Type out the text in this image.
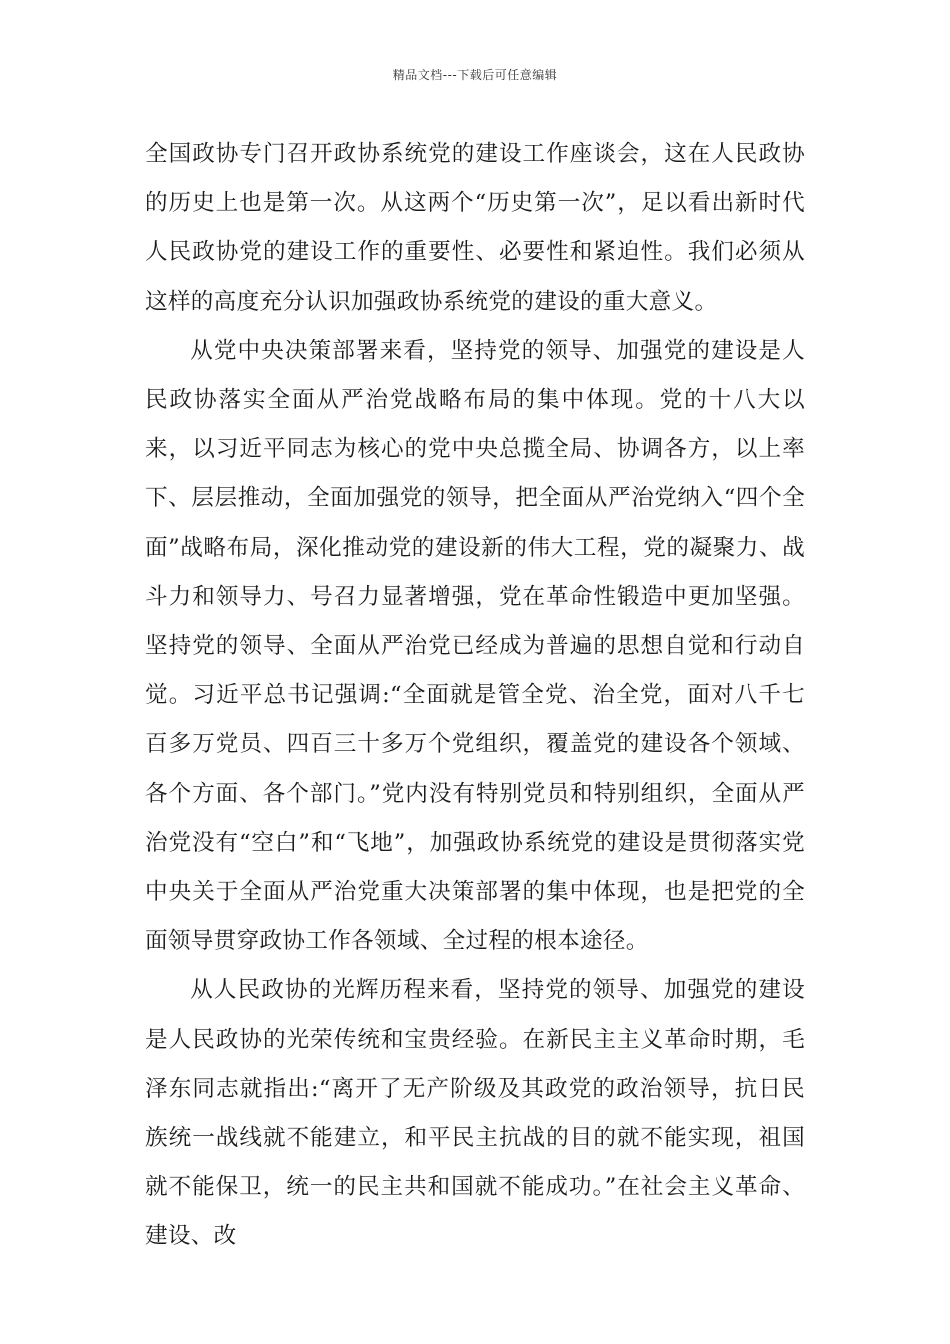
精品文档---下载后可任意编辑

全国政协专门召开政协系统党的建设工作座谈会，这在人民政协的历史上也是第一次。从这两个“历史第一次”，足以看出新时代人民政协党的建设工作的重要性、必要性和紧迫性。我们必须从这样的高度充分认识加强政协系统党的建设的重大意义。

从党中央决策部署来看，坚持党的领导、加强党的建设是人民政协落实全面从严治党战略布局的集中体现。党的十八大以来，以习近平同志为核心的党中央总揽全局、协调各方，以上率下、层层推动，全面加强党的领导，把全面从严治党纳入“四个全面”战略布局，深化推动党的建设新的伟大工程，党的凝聚力、战斗力和领导力、号召力显著增强，党在革命性锻造中更加坚强。坚持党的领导、全面从严治党已经成为普遍的思想自觉和行动自觉。习近平总书记强调:“全面就是管全党、治全党，面对八千七百多万党员、四百三十多万个党组织，覆盖党的建设各个领域、各个方面、各个部门。”党内没有特别党员和特别组织，全面从严治党没有“空白”和“飞地”，加强政协系统党的建设是贯彻落实党中央关于全面从严治党重大决策部署的集中体现，也是把党的全面领导贯穿政协工作各领域、全过程的根本途径。

从人民政协的光辉历程来看，坚持党的领导、加强党的建设是人民政协的光荣传统和宝贵经验。在新民主主义革命时期，毛泽东同志就指出:“离开了无产阶级及其政党的政治领导，抗日民族统一战线就不能建立，和平民主抗战的目的就不能实现，祖国就不能保卫，统一的民主共和国就不能成功。”在社会主义革命、建设、改
